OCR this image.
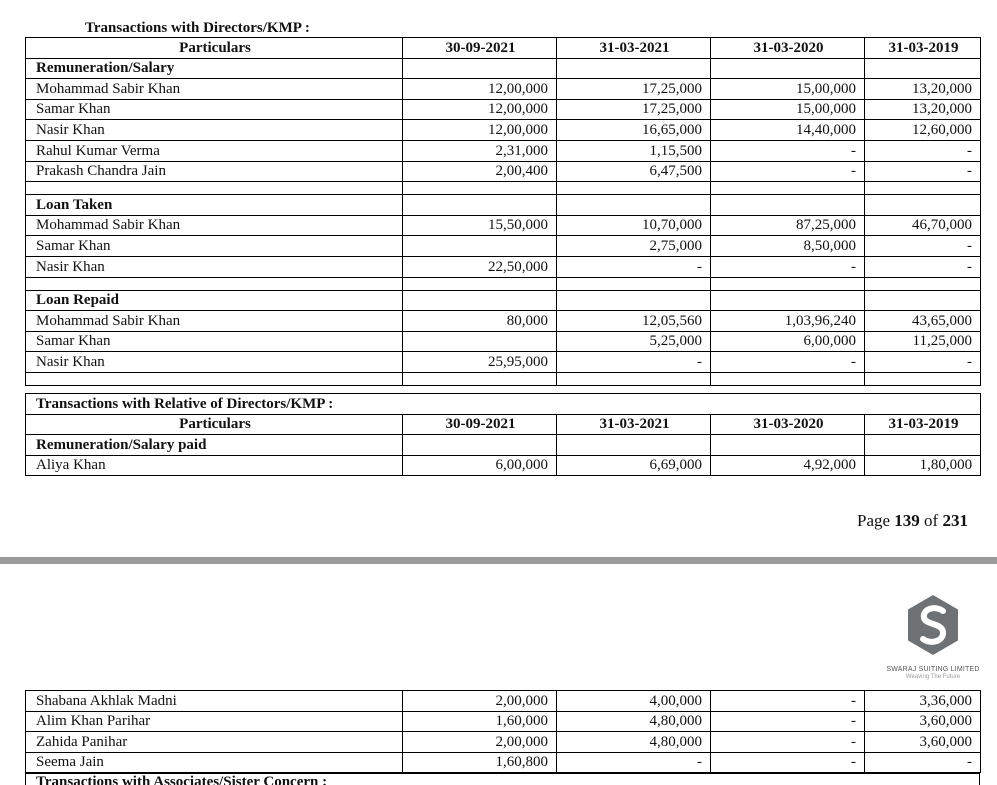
Transactions with Directors/KMP :
Particulars	30-09-2021	31-03-2021	31-03-2020	31-03-2019
Remuneration/Salary				
Mohammad Sabir Khan	12,00,000	17,25,000	15,00,000	13,20,000
Samar Khan	12,00,000	17,25,000	15,00,000	13,20,000
Nasir Khan	12,00,000	16,65,000	14,40,000	12,60,000
Rahul Kumar Verma	2,31,000	1,15,500	-	-
Prakash Chandra Jain	2,00,400	6,47,500	-	-

Loan Taken				
Mohammad Sabir Khan	15,50,000	10,70,000	87,25,000	46,70,000
Samar Khan		2,75,000	8,50,000	-
Nasir Khan	22,50,000	-	-	-

Loan Repaid				
Mohammad Sabir Khan	80,000	12,05,560	1,03,96,240	43,65,000
Samar Khan		5,25,000	6,00,000	11,25,000
Nasir Khan	25,95,000	-	-	-

Transactions with Relative of Directors/KMP :				
Particulars	30-09-2021	31-03-2021	31-03-2020	31-03-2019
Remuneration/Salary paid				
Aliya Khan	6,00,000	6,69,000	4,92,000	1,80,000
Page 139 of 231
SWARAJ SUITING LIMITED
Weaving The Future
Shabana Akhlak Madni	2,00,000	4,00,000	-	3,36,000
Alim Khan Parihar	1,60,000	4,80,000	-	3,60,000
Zahida Panihar	2,00,000	4,80,000	-	3,60,000
Seema Jain	1,60,800	-	-	-
Transactions with Associates/Sister Concern :
